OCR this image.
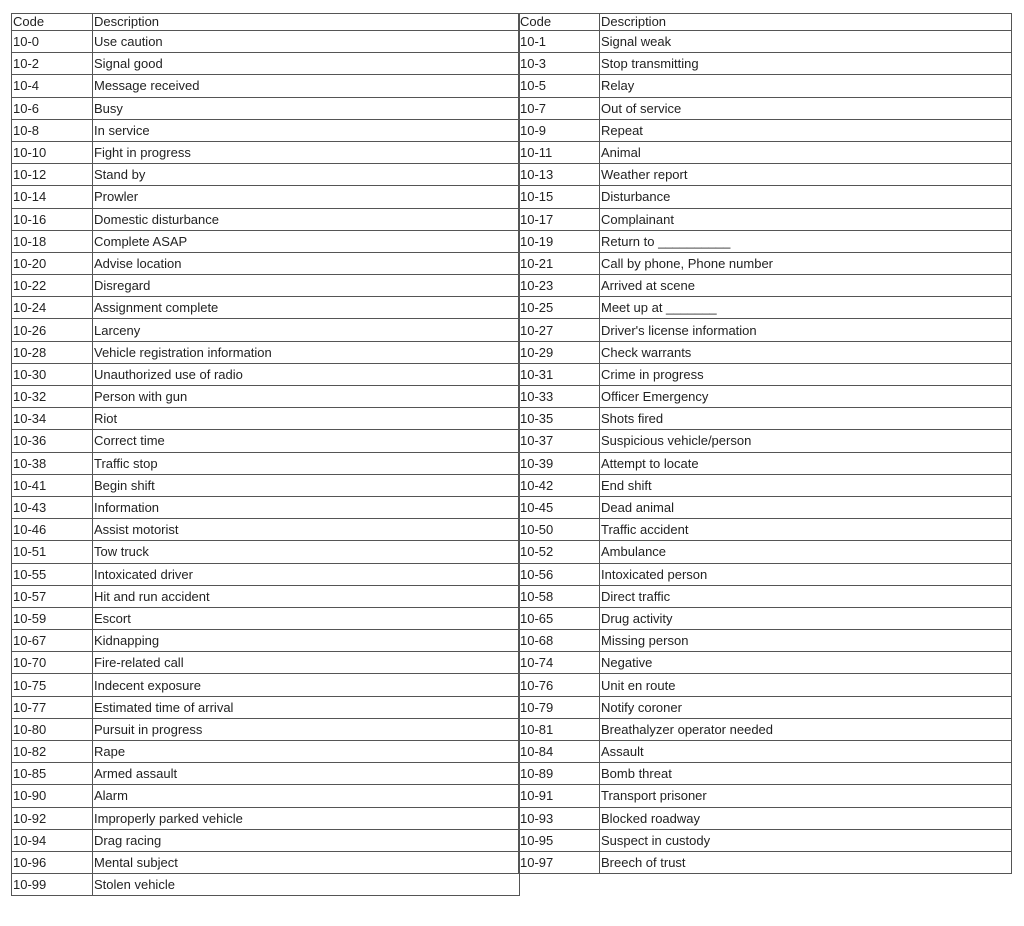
Code	Description
10-0	Use caution
10-2	Signal good
10-4	Message received
10-6	Busy
10-8	In service
10-10	Fight in progress
10-12	Stand by
10-14	Prowler
10-16	Domestic disturbance
10-18	Complete ASAP
10-20	Advise location
10-22	Disregard
10-24	Assignment complete
10-26	Larceny
10-28	Vehicle registration information
10-30	Unauthorized use of radio
10-32	Person with gun
10-34	Riot
10-36	Correct time
10-38	Traffic stop
10-41	Begin shift
10-43	Information
10-46	Assist motorist
10-51	Tow truck
10-55	Intoxicated driver
10-57	Hit and run accident
10-59	Escort
10-67	Kidnapping
10-70	Fire-related call
10-75	Indecent exposure
10-77	Estimated time of arrival
10-80	Pursuit in progress
10-82	Rape
10-85	Armed assault
10-90	Alarm
10-92	Improperly parked vehicle
10-94	Drag racing
10-96	Mental subject
10-99	Stolen vehicle
Code	Description
10-1	Signal weak
10-3	Stop transmitting
10-5	Relay
10-7	Out of service
10-9	Repeat
10-11	Animal
10-13	Weather report
10-15	Disturbance
10-17	Complainant
10-19	Return to __________
10-21	Call by phone, Phone number
10-23	Arrived at scene
10-25	Meet up at _______
10-27	Driver's license information
10-29	Check warrants
10-31	Crime in progress
10-33	Officer Emergency
10-35	Shots fired
10-37	Suspicious vehicle/person
10-39	Attempt to locate
10-42	End shift
10-45	Dead animal
10-50	Traffic accident
10-52	Ambulance
10-56	Intoxicated person
10-58	Direct traffic
10-65	Drug activity
10-68	Missing person
10-74	Negative
10-76	Unit en route
10-79	Notify coroner
10-81	Breathalyzer operator needed
10-84	Assault
10-89	Bomb threat
10-91	Transport prisoner
10-93	Blocked roadway
10-95	Suspect in custody
10-97	Breech of trust
